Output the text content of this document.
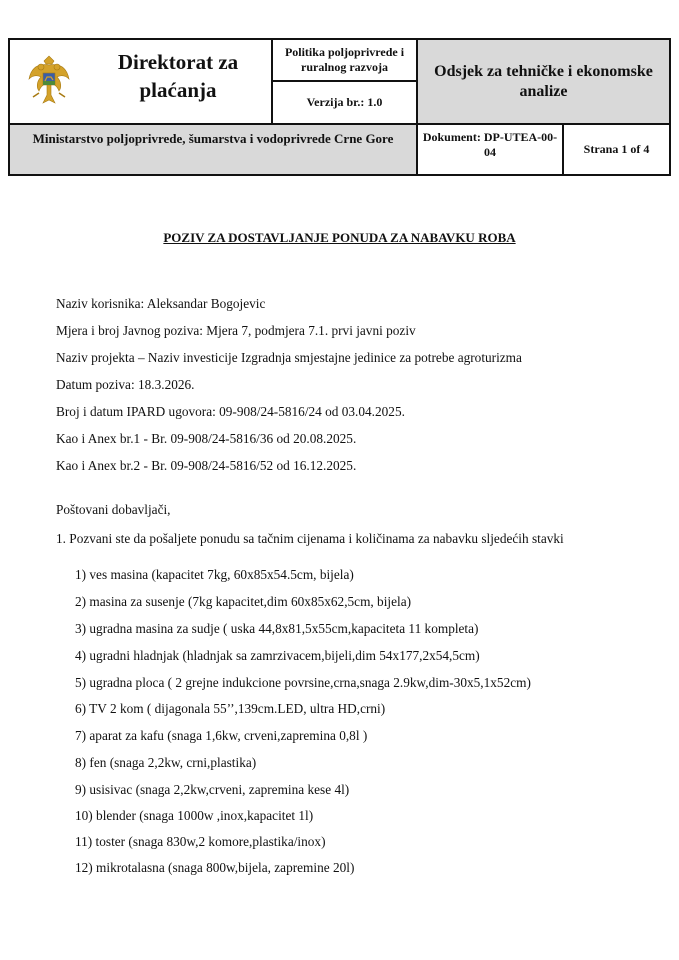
Direktorat za plaćanja
Politika poljoprivrede i ruralnog razvoja
Verzija br.: 1.0
Odsjek za tehničke i ekonomske analize
Ministarstvo poljoprivrede, šumarstva i vodoprivrede Crne Gore	Dokument: DP-UTEA-00-04	Strana 1 of 4
POZIV ZA DOSTAVLJANJE PONUDA ZA NABAVKU ROBA
Naziv korisnika: Aleksandar Bogojevic
Mjera i broj Javnog poziva: Mjera 7, podmjera 7.1. prvi javni poziv
Naziv projekta – Naziv investicije Izgradnja smjestajne jedinice za potrebe agroturizma
Datum poziva: 18.3.2026.
Broj i datum IPARD ugovora: 09-908/24-5816/24 od 03.04.2025.
Kao i Anex br.1 - Br. 09-908/24-5816/36 od 20.08.2025.
Kao i Anex br.2 - Br. 09-908/24-5816/52 od 16.12.2025.
Poštovani dobavljači,
1. Pozvani ste da pošaljete ponudu sa tačnim cijenama i količinama za nabavku sljedećih stavki
1) ves masina (kapacitet 7kg, 60x85x54.5cm, bijela)
2) masina za susenje (7kg kapacitet,dim 60x85x62,5cm, bijela)
3) ugradna masina za sudje ( uska 44,8x81,5x55cm,kapaciteta 11 kompleta)
4) ugradni hladnjak (hladnjak sa zamrzivacem,bijeli,dim 54x177,2x54,5cm)
5) ugradna ploca ( 2 grejne indukcione povrsine,crna,snaga 2.9kw,dim-30x5,1x52cm)
6) TV 2 kom ( dijagonala 55’’,139cm.LED, ultra HD,crni)
7) aparat za kafu (snaga 1,6kw, crveni,zapremina 0,8l )
8) fen (snaga 2,2kw, crni,plastika)
9) usisivac (snaga 2,2kw,crveni, zapremina kese 4l)
10) blender (snaga 1000w ,inox,kapacitet 1l)
11) toster (snaga 830w,2 komore,plastika/inox)
12) mikrotalasna (snaga 800w,bijela, zapremine 20l)
